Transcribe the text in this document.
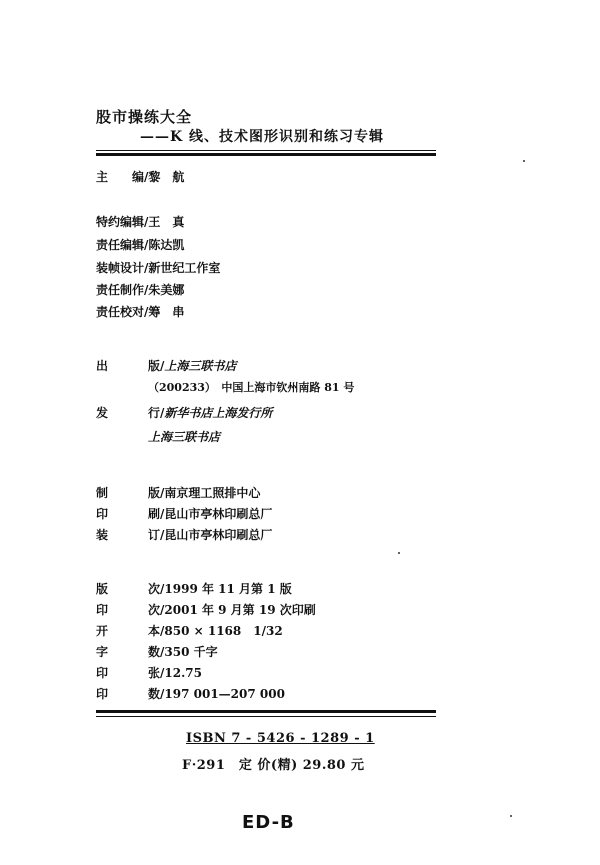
股市操练大全
——K 线、技术图形识别和练习专辑
主　　编/黎　航
特约编辑/王　真
责任编辑/陈达凯
装帧设计/新世纪工作室
责任制作/朱美娜
责任校对/筹　串
出	版/上海三联书店
（200233）　中国上海市钦州南路 81 号
发	行/新华书店上海发行所
上海三联书店
制	版/南京理工照排中心
印	刷/昆山市亭林印刷总厂
装	订/昆山市亭林印刷总厂
版	次/1999 年 11 月第 1 版
印	次/2001 年 9 月第 19 次印刷
开	本/850 × 1168　1/32
字	数/350 千字
印	张/12.75
印	数/197 001—207 000
ISBN 7 - 5426 - 1289 - 1
F·291　定 价(精) 29.80 元
ED-B
